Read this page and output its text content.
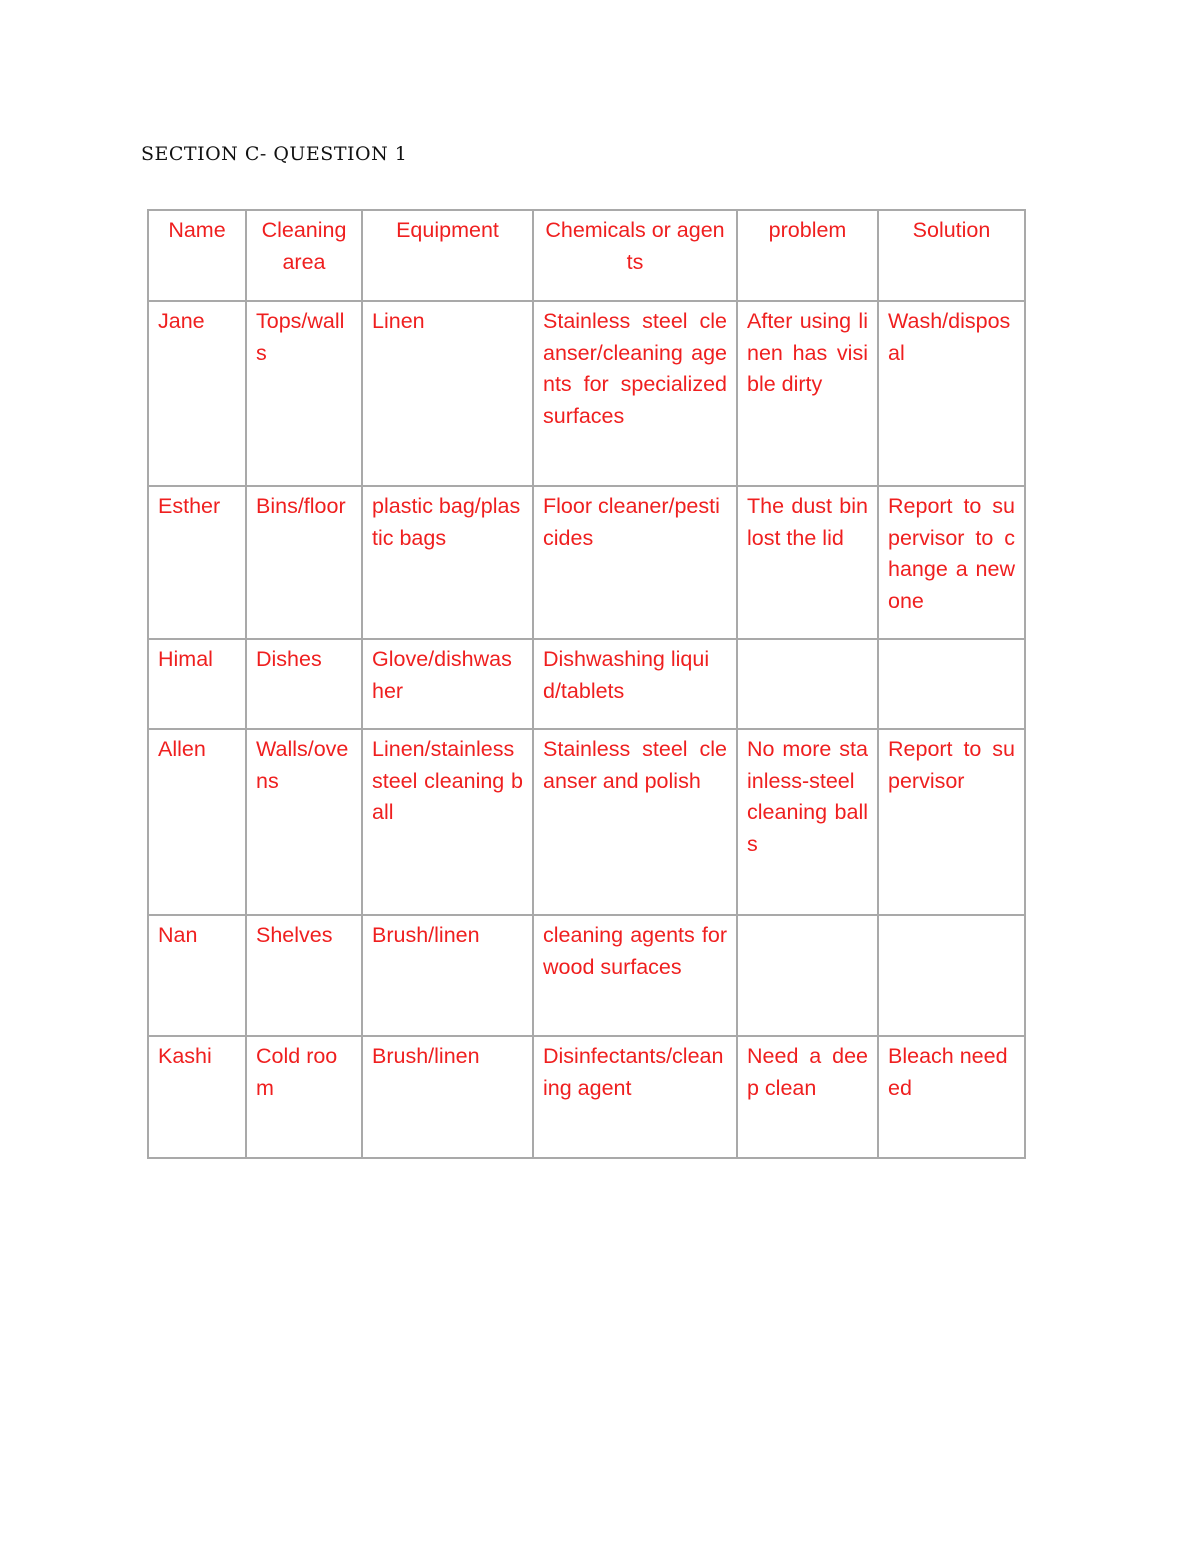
SECTION C- QUESTION 1
Name	Cleaning area	Equipment	Chemicals or agents	problem	Solution
Jane	Tops/walls	Linen	Stainless steel cleanser/cleaning agents for specialized surfaces	After using linen has visible dirty	Wash/disposal
Esther	Bins/floor	plastic bag/plastic bags	Floor cleaner/pesticides	The dust bin lost the lid	Report to supervisor to change a new one
Himal	Dishes	Glove/dishwasher	Dishwashing liquid/tablets		
Allen	Walls/ovens	Linen/stainless steel cleaning ball	Stainless steel cleanser and polish	No more stainless-steel cleaning balls	Report to supervisor
Nan	Shelves	Brush/linen	cleaning agents for wood surfaces		
Kashi	Cold room	Brush/linen	Disinfectants/cleaning agent	Need a deep clean	Bleach needed
